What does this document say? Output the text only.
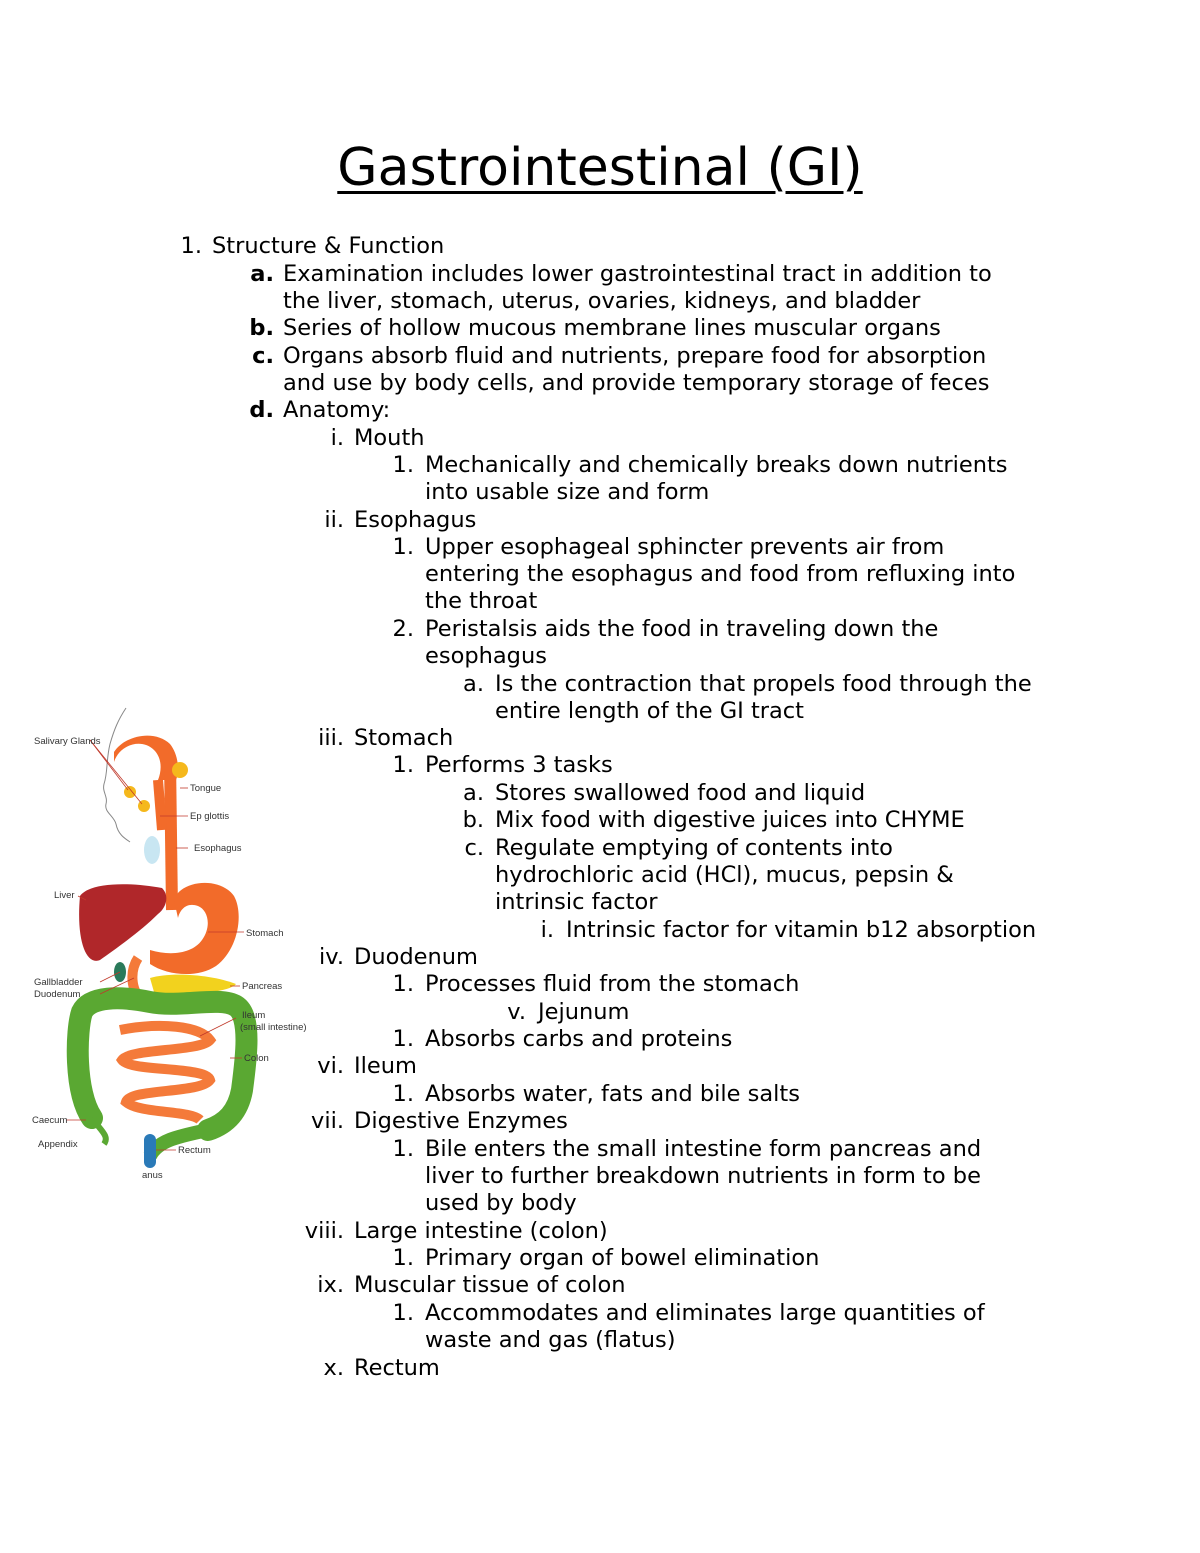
Gastrointestinal (GI)
1. Structure & Function
a. Examination includes lower gastrointestinal tract in addition to
the liver, stomach, uterus, ovaries, kidneys, and bladder
b. Series of hollow mucous membrane lines muscular organs
c. Organs absorb fluid and nutrients, prepare food for absorption
and use by body cells, and provide temporary storage of feces
d. Anatomy:
i. Mouth
1. Mechanically and chemically breaks down nutrients
into usable size and form
ii. Esophagus
1. Upper esophageal sphincter prevents air from
entering the esophagus and food from refluxing into
the throat
2. Peristalsis aids the food in traveling down the
esophagus
a. Is the contraction that propels food through the
entire length of the GI tract
iii. Stomach
1. Performs 3 tasks
a. Stores swallowed food and liquid
b. Mix food with digestive juices into CHYME
c. Regulate emptying of contents into
hydrochloric acid (HCl), mucus, pepsin &
intrinsic factor
i. Intrinsic factor for vitamin b12 absorption
iv. Duodenum
1. Processes fluid from the stomach
v. Jejunum
1. Absorbs carbs and proteins
vi. Ileum
1. Absorbs water, fats and bile salts
vii. Digestive Enzymes
1. Bile enters the small intestine form pancreas and
liver to further breakdown nutrients in form to be
used by body
viii. Large intestine (colon)
1. Primary organ of bowel elimination
ix. Muscular tissue of colon
1. Accommodates and eliminates large quantities of
waste and gas (flatus)
x. Rectum
Salivary Glands
Tongue
Ep glottis
Esophagus
Liver
Stomach
Gallbladder
Duodenum
Pancreas
Ileum
(small intestine)
Colon
Caecum
Appendix
Rectum
anus
